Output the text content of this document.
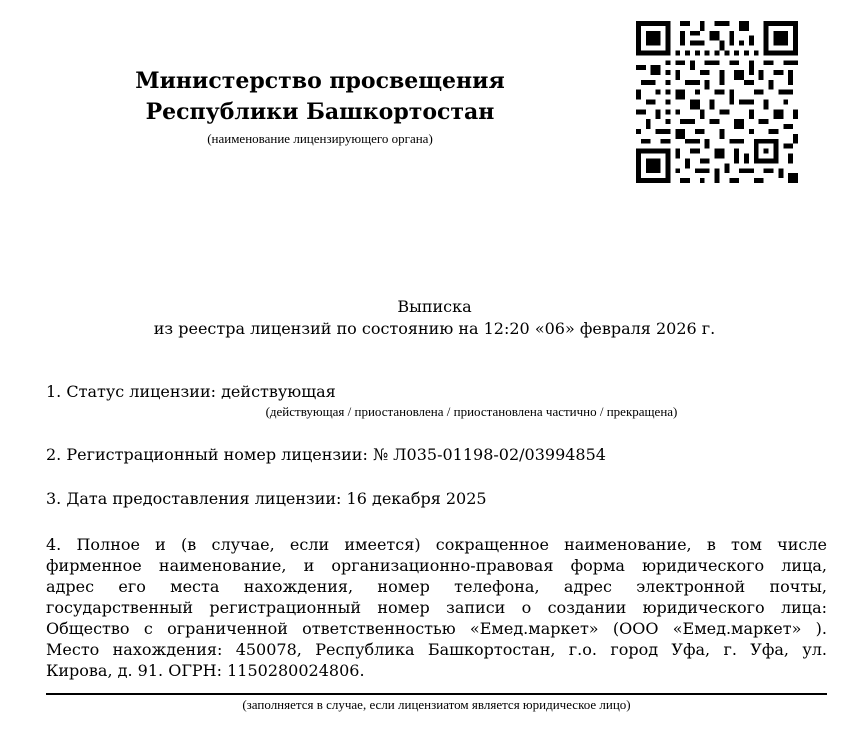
Министерство просвещения
Республики Башкортостан
(наименование лицензирующего органа)
Выписка
из реестра лицензий по состоянию на 12:20 «06» февраля 2026 г.
1. Статус лицензии: действующая
(действующая / приостановлена / приостановлена частично / прекращена)
2. Регистрационный номер лицензии: № Л035-01198-02/03994854
3. Дата предоставления лицензии: 16 декабря 2025
4. Полное и (в случае, если имеется) сокращенное наименование, в том числе
фирменное наименование, и организационно-правовая форма юридического лица,
адрес его места нахождения, номер телефона, адрес электронной почты,
государственный регистрационный номер записи о создании юридического лица:
Общество с ограниченной ответственностью «Емед.маркет» (ООО «Емед.маркет» ).
Место нахождения: 450078, Республика Башкортостан, г.о. город Уфа, г. Уфа, ул.
Кирова, д. 91. ОГРН: 1150280024806.
(заполняется в случае, если лицензиатом является юридическое лицо)
